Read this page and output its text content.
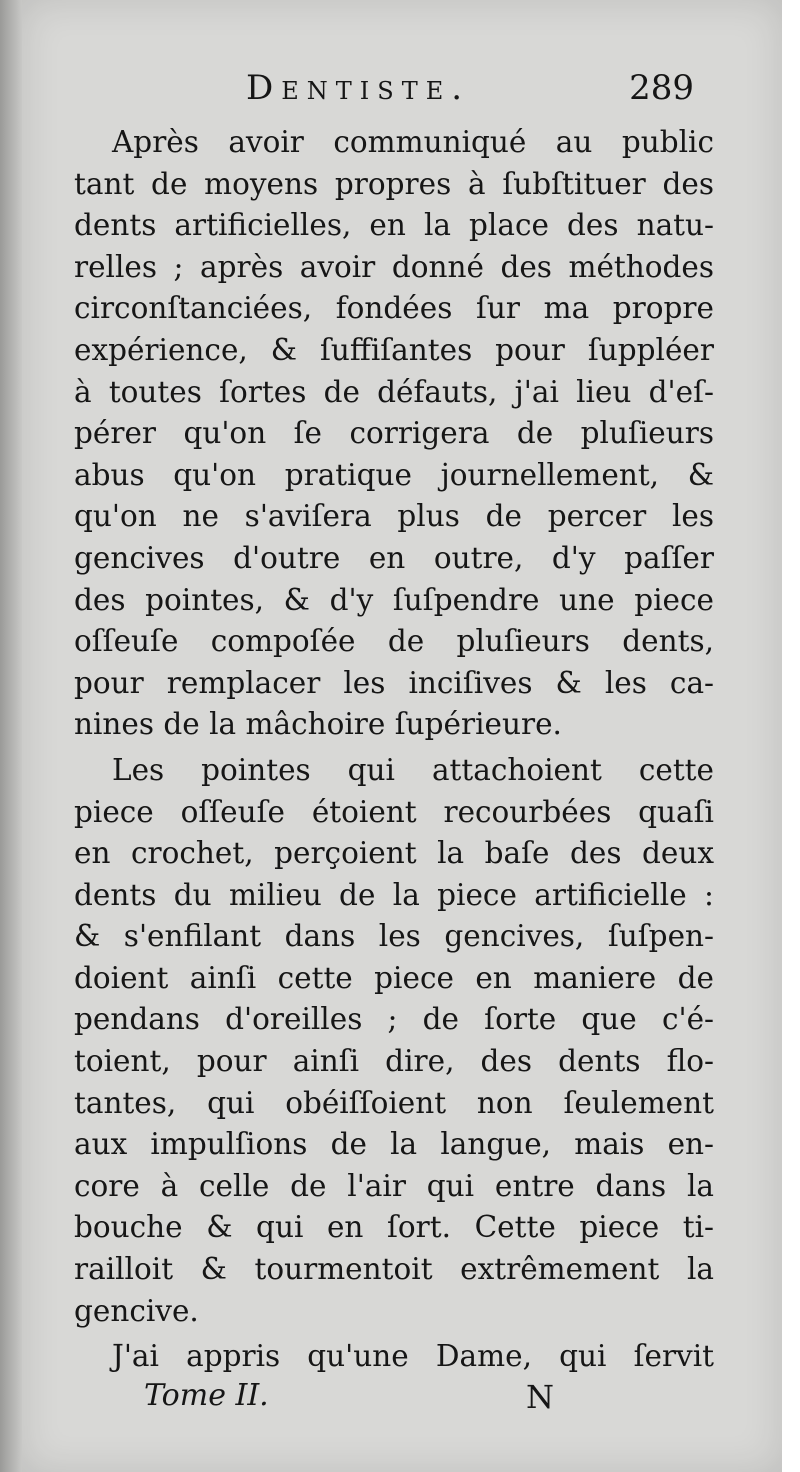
Dentiste.	289
Après avoir communiqué au public
tant de moyens propres à ſubſtituer des
dents artificielles, en la place des natu-
relles ; après avoir donné des méthodes
circonſtanciées, fondées ſur ma propre
expérience, & ſuffiſantes pour ſuppléer
à toutes ſortes de défauts, j'ai lieu d'eſ-
pérer qu'on ſe corrigera de pluſieurs
abus qu'on pratique journellement, &
qu'on ne s'aviſera plus de percer les
gencives d'outre en outre, d'y paſſer
des pointes, & d'y ſuſpendre une piece
oſſeuſe compoſée de pluſieurs dents,
pour remplacer les inciſives & les ca-
nines de la mâchoire ſupérieure.
Les pointes qui attachoient cette
piece oſſeuſe étoient recourbées quaſi
en crochet, perçoient la baſe des deux
dents du milieu de la piece artificielle :
& s'enfilant dans les gencives, ſuſpen-
doient ainſi cette piece en maniere de
pendans d'oreilles ; de ſorte que c'é-
toient, pour ainſi dire, des dents flo-
tantes, qui obéiſſoient non ſeulement
aux impulſions de la langue, mais en-
core à celle de l'air qui entre dans la
bouche & qui en ſort. Cette piece ti-
railloit & tourmentoit extrêmement la
gencive.
J'ai appris qu'une Dame, qui ſervit
Tome II.	N
